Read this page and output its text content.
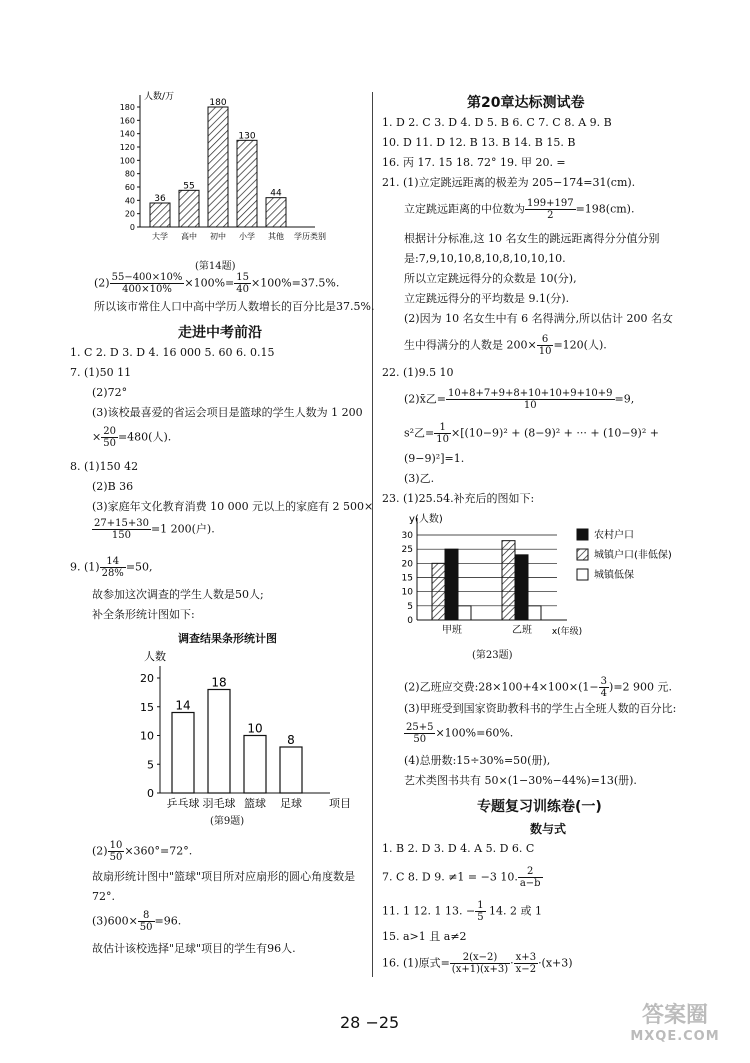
人数/万
0
20
40
60
80
100
120
140
160
180
36
55
180
130
44
大学 高中 初中 小学 其他 学历类别
(第14题)
$(2) \frac{55-400\times 10\%}{400\times 10\%} \times 100\%= \frac{15}{40} \times 100\%=37.5\%$.
所以该市常住人口中高中学历人数增长的百分比是37.5%.
走进中考前沿
1. C 2. D 3. D 4. 16 000 5. 60 6. 0.15
7. (1)50 11
(2)72°
(3)该校最喜爱的省运会项目是篮球的学生人数为 1 200
× $\frac{20}{50} =480$(人).
8. (1)150 42
(2)B 36
(3)家庭年文化教育消费 10 000 元以上的家庭有 2 500×
$\frac{27+15+30}{150} =1$ 200(户).
9. $(1) \frac{14}{28\%} =50$,
故参加这次调查的学生人数是50人;
补全条形统计图如下:
调查结果条形统计图
人数
0
5
10
15
20
14
18
10
8
乒乓球 羽毛球 篮球 足球 项目
(第9题)
$(2) \frac{10}{50} \times 360^\circ=72^\circ$.
故扇形统计图中"篮球"项目所对应扇形的圆心角度数是
72°.
$(3)600\times \frac{8}{50} =96$.
故估计该校选择"足球"项目的学生有96人.
第20章达标测试卷
1. D 2. C 3. D 4. D 5. B 6. C 7. C 8. A 9. B
10. D 11. D 12. B 13. B 14. B 15. B
16. 丙 17. 15 18. 72° 19. 甲 20. =
21. (1)立定跳远距离的极差为 205−174=31(cm).
立定跳远距离的中位数为 $\frac{199+197}{2} =198(cm)$.
根据计分标准,这 10 名女生的跳远距离得分分值分别
是:7,9,10,10,8,10,8,10,10,10.
所以立定跳远得分的众数是 10(分),
立定跳远得分的平均数是 9.1(分).
(2)因为 10 名女生中有 6 名得满分,所以估计 200 名女
生中得满分的人数是 $200\times \frac{6}{10} =120$(人).
22. (1)9.5 10
(2)x̄乙= $\frac{10+8+7+9+8+10+10+9+10+9}{10} =9$,
s²乙= $\frac{1}{10} \times[(10-9)^2 + (8-9)^2$ + ··· + (10−9)² +
(9−9)²]=1.
(3)乙.
23. (1)25.54.补充后的图如下:
y(人数)
0
5
10
15
20
25
30
甲班	乙班 x(年级)
农村户口
城镇户口(非低保)
城镇低保
(第23题)
(2)乙班应交费:28×100+4×100×(1− $\frac{3}{4} )=2$ 900 元.
(3)甲班受到国家资助教科书的学生占全班人数的百分比:
$\frac{25+5}{50} \times 100\%=60\%$.
(4)总册数:15÷30%=50(册),
艺术类图书共有 50×(1−30%−44%)=13(册).
专题复习训练卷(一)
数与式
1. B 2. D 3. D 4. A 5. D 6. C
7. C 8. D 9. ≠1 = −3 10. $\frac{2}{a-b}$
11. 1 12. 1 13. − $\frac{1}{5} 14$. 2 或 1
15. a>1 且 a≠2
16. (1)原式= $\frac{2(x-2)}{(x+1)(x+3)} \cdot \frac{x+3}{x-2} \cdot(x+3)$
28 −25	答案圈
MXQE.COM
